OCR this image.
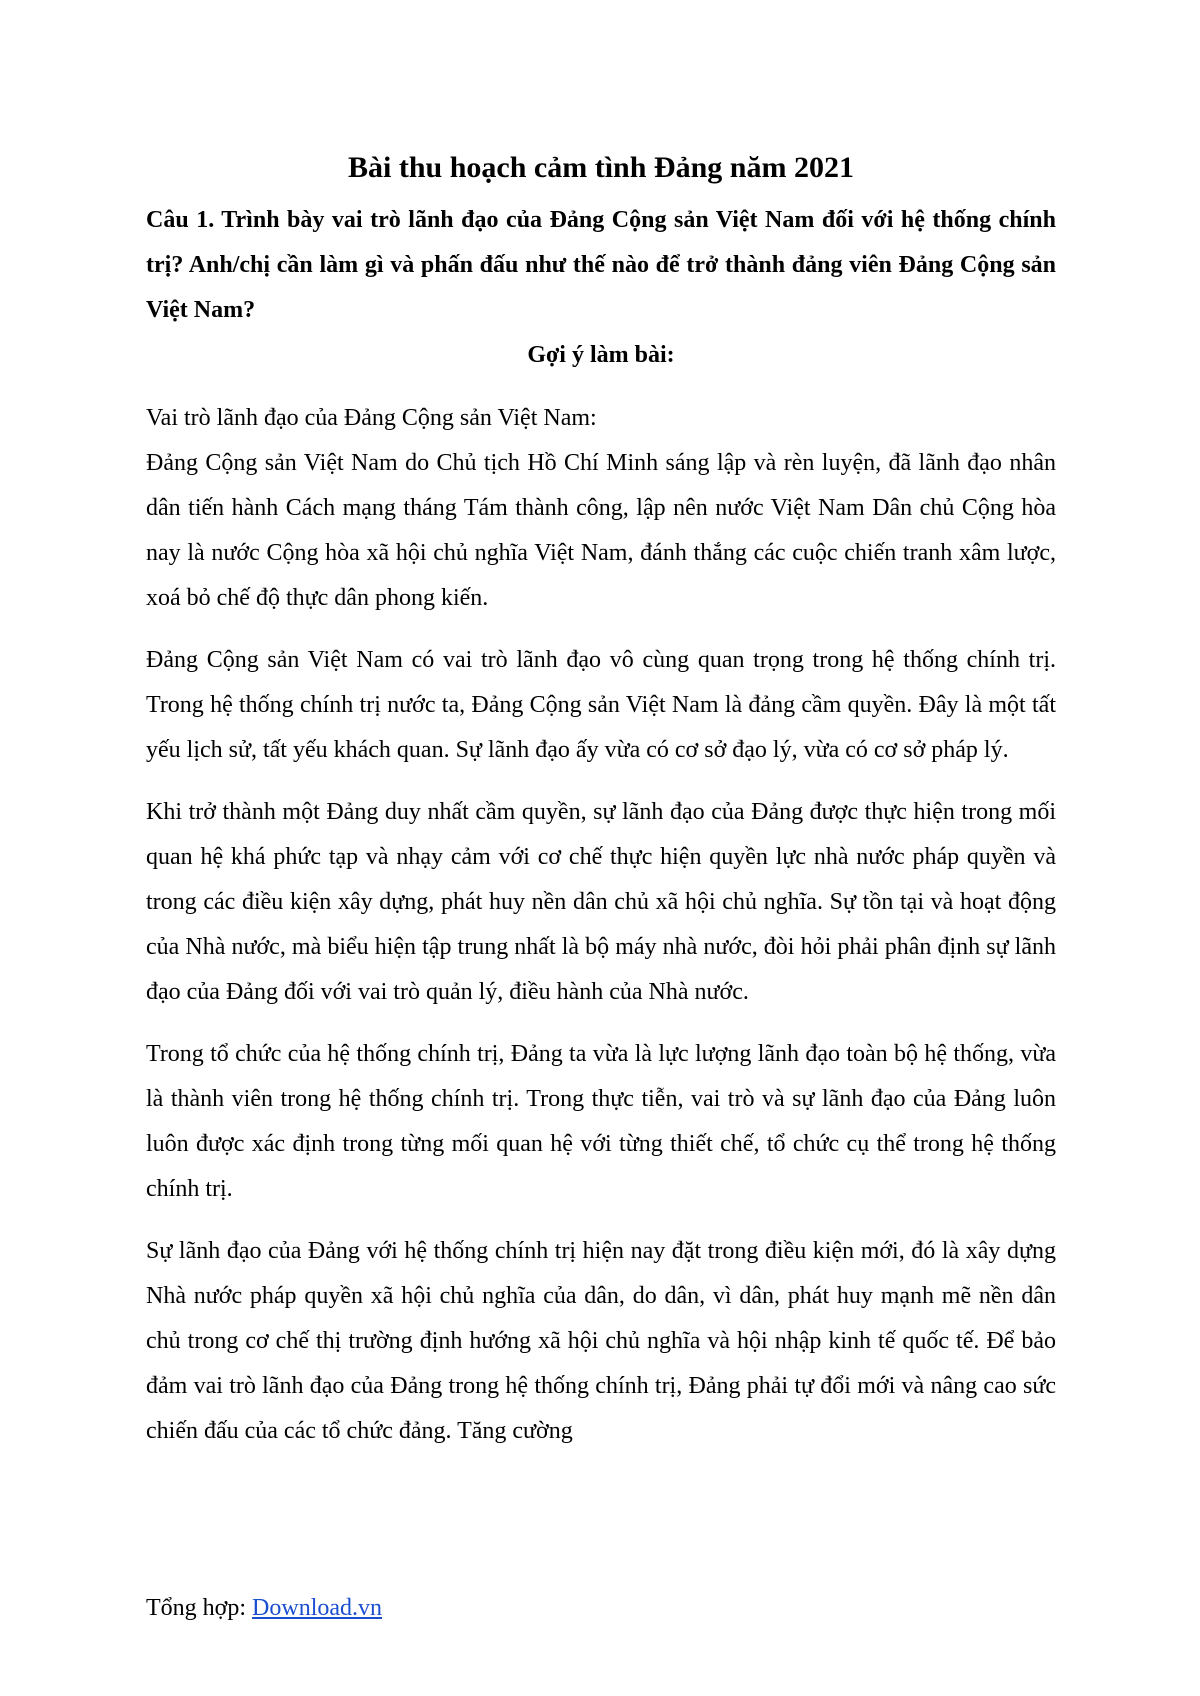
Bài thu hoạch cảm tình Đảng năm 2021

Câu 1. Trình bày vai trò lãnh đạo của Đảng Cộng sản Việt Nam đối với hệ thống chính trị? Anh/chị cần làm gì và phấn đấu như thế nào để trở thành đảng viên Đảng Cộng sản Việt Nam?

Gợi ý làm bài:

Vai trò lãnh đạo của Đảng Cộng sản Việt Nam:

Đảng Cộng sản Việt Nam do Chủ tịch Hồ Chí Minh sáng lập và rèn luyện, đã lãnh đạo nhân dân tiến hành Cách mạng tháng Tám thành công, lập nên nước Việt Nam Dân chủ Cộng hòa nay là nước Cộng hòa xã hội chủ nghĩa Việt Nam, đánh thắng các cuộc chiến tranh xâm lược, xoá bỏ chế độ thực dân phong kiến.

Đảng Cộng sản Việt Nam có vai trò lãnh đạo vô cùng quan trọng trong hệ thống chính trị. Trong hệ thống chính trị nước ta, Đảng Cộng sản Việt Nam là đảng cầm quyền. Đây là một tất yếu lịch sử, tất yếu khách quan. Sự lãnh đạo ấy vừa có cơ sở đạo lý, vừa có cơ sở pháp lý.

Khi trở thành một Đảng duy nhất cầm quyền, sự lãnh đạo của Đảng được thực hiện trong mối quan hệ khá phức tạp và nhạy cảm với cơ chế thực hiện quyền lực nhà nước pháp quyền và trong các điều kiện xây dựng, phát huy nền dân chủ xã hội chủ nghĩa. Sự tồn tại và hoạt động của Nhà nước, mà biểu hiện tập trung nhất là bộ máy nhà nước, đòi hỏi phải phân định sự lãnh đạo của Đảng đối với vai trò quản lý, điều hành của Nhà nước.

Trong tổ chức của hệ thống chính trị, Đảng ta vừa là lực lượng lãnh đạo toàn bộ hệ thống, vừa là thành viên trong hệ thống chính trị. Trong thực tiễn, vai trò và sự lãnh đạo của Đảng luôn luôn được xác định trong từng mối quan hệ với từng thiết chế, tổ chức cụ thể trong hệ thống chính trị.

Sự lãnh đạo của Đảng với hệ thống chính trị hiện nay đặt trong điều kiện mới, đó là xây dựng Nhà nước pháp quyền xã hội chủ nghĩa của dân, do dân, vì dân, phát huy mạnh mẽ nền dân chủ trong cơ chế thị trường định hướng xã hội chủ nghĩa và hội nhập kinh tế quốc tế. Để bảo đảm vai trò lãnh đạo của Đảng trong hệ thống chính trị, Đảng phải tự đổi mới và nâng cao sức chiến đấu của các tổ chức đảng. Tăng cường

Tổng hợp: Download.vn
